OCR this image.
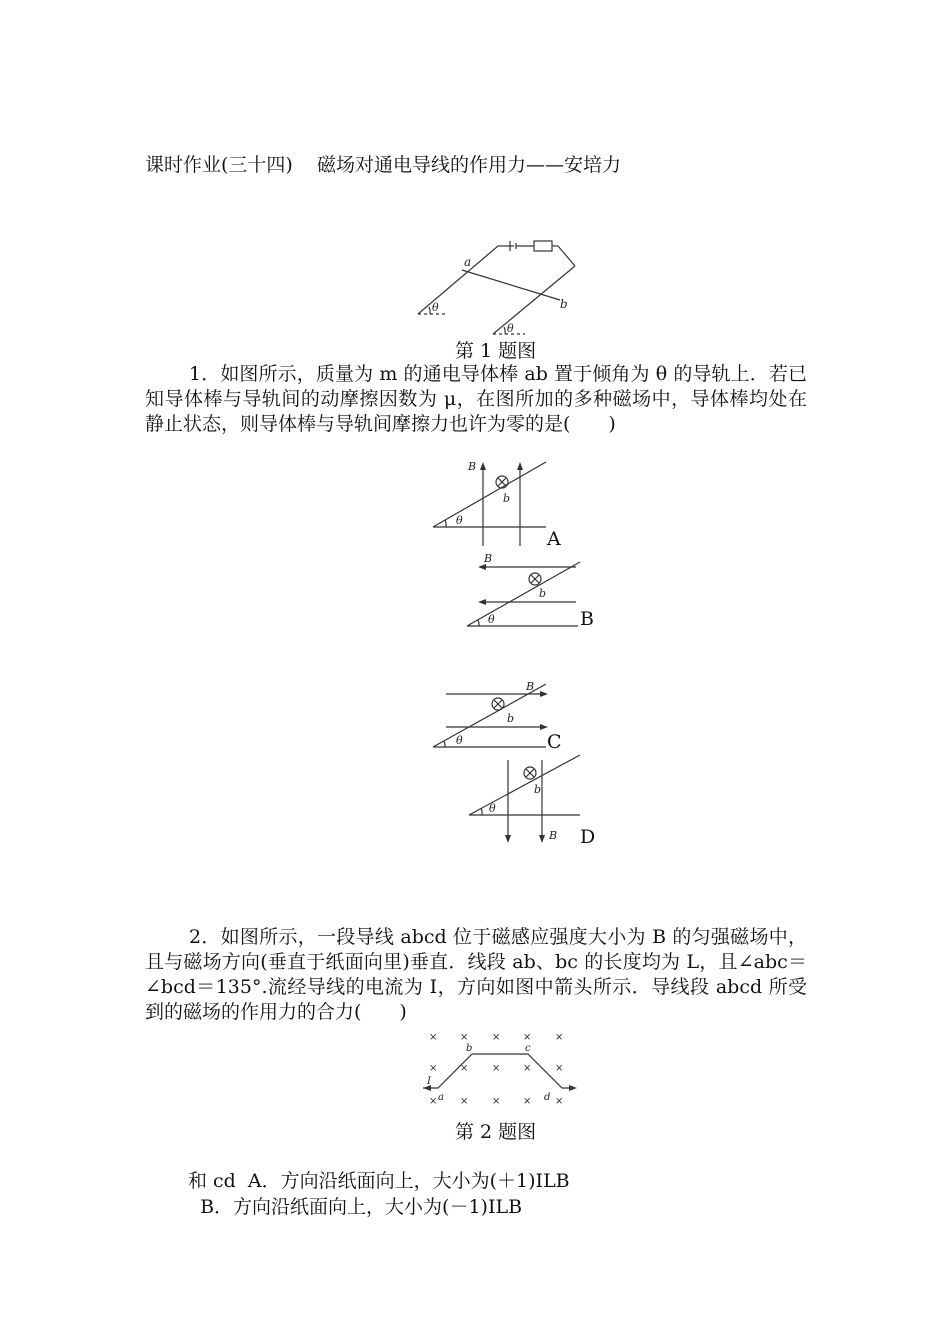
课时作业(三十四)    磁场对通电导线的作用力——安培力
a
b
θ
θ
第 1 题图

1．如图所示，质量为 m 的通电导体棒 ab 置于倾角为 θ 的导轨上．若已知导体棒与导轨间的动摩擦因数为 μ，在图所加的多种磁场中，导体棒均处在静止状态，则导体棒与导轨间摩擦力也许为零的是(　　)

B
b
θ
A
B
b
θ	B
B
b
θ	C
B
b
θ
D

2．如图所示，一段导线 abcd 位于磁感应强度大小为 B 的匀强磁场中，且与磁场方向(垂直于纸面向里)垂直．线段 ab、bc 的长度均为 L，且∠abc＝∠bcd＝135°.流经导线的电流为 I，方向如图中箭头所示．导线段 abcd 所受到的磁场的作用力的合力(　　)

× × × × ×
× × × × ×
× × × × ×
a
b	c
d
I
第 2 题图
和 cd  A．方向沿纸面向上，大小为(＋1)ILB
B．方向沿纸面向上，大小为(－1)ILB
